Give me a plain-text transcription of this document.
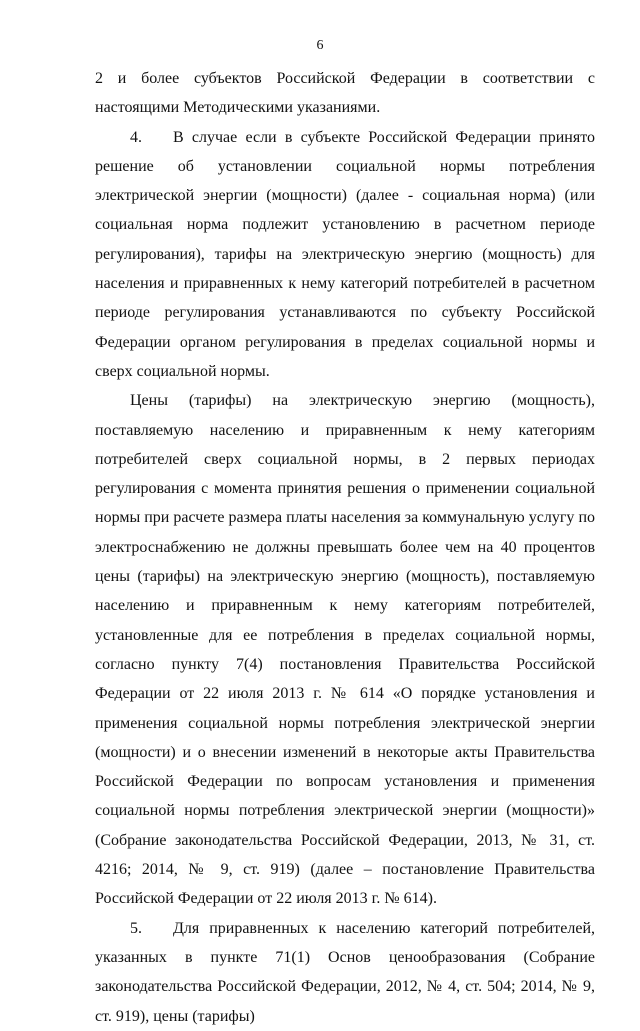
6

2 и более субъектов Российской Федерации в соответствии с настоящими Методическими указаниями.

4. В случае если в субъекте Российской Федерации принято решение об установлении социальной нормы потребления электрической энергии (мощности) (далее - социальная норма) (или социальная норма подлежит установлению в расчетном периоде регулирования), тарифы на электрическую энергию (мощность) для населения и приравненных к нему категорий потребителей в расчетном периоде регулирования устанавливаются по субъекту Российской Федерации органом регулирования в пределах социальной нормы и сверх социальной нормы.

Цены (тарифы) на электрическую энергию (мощность), поставляемую населению и приравненным к нему категориям потребителей сверх социальной нормы, в 2 первых периодах регулирования с момента принятия решения о применении социальной нормы при расчете размера платы населения за коммунальную услугу по электроснабжению не должны превышать более чем на 40 процентов цены (тарифы) на электрическую энергию (мощность), поставляемую населению и приравненным к нему категориям потребителей, установленные для ее потребления в пределах социальной нормы, согласно пункту 7(4) постановления Правительства Российской Федерации от 22 июля 2013 г. № 614 «О порядке установления и применения социальной нормы потребления электрической энергии (мощности) и о внесении изменений в некоторые акты Правительства Российской Федерации по вопросам установления и применения социальной нормы потребления электрической энергии (мощности)» (Собрание законодательства Российской Федерации, 2013, № 31, ст. 4216; 2014, № 9, ст. 919) (далее – постановление Правительства Российской Федерации от 22 июля 2013 г. № 614).

5. Для приравненных к населению категорий потребителей, указанных в пункте 71(1) Основ ценообразования (Собрание законодательства Российской Федерации, 2012, № 4, ст. 504; 2014, № 9, ст. 919), цены (тарифы)
